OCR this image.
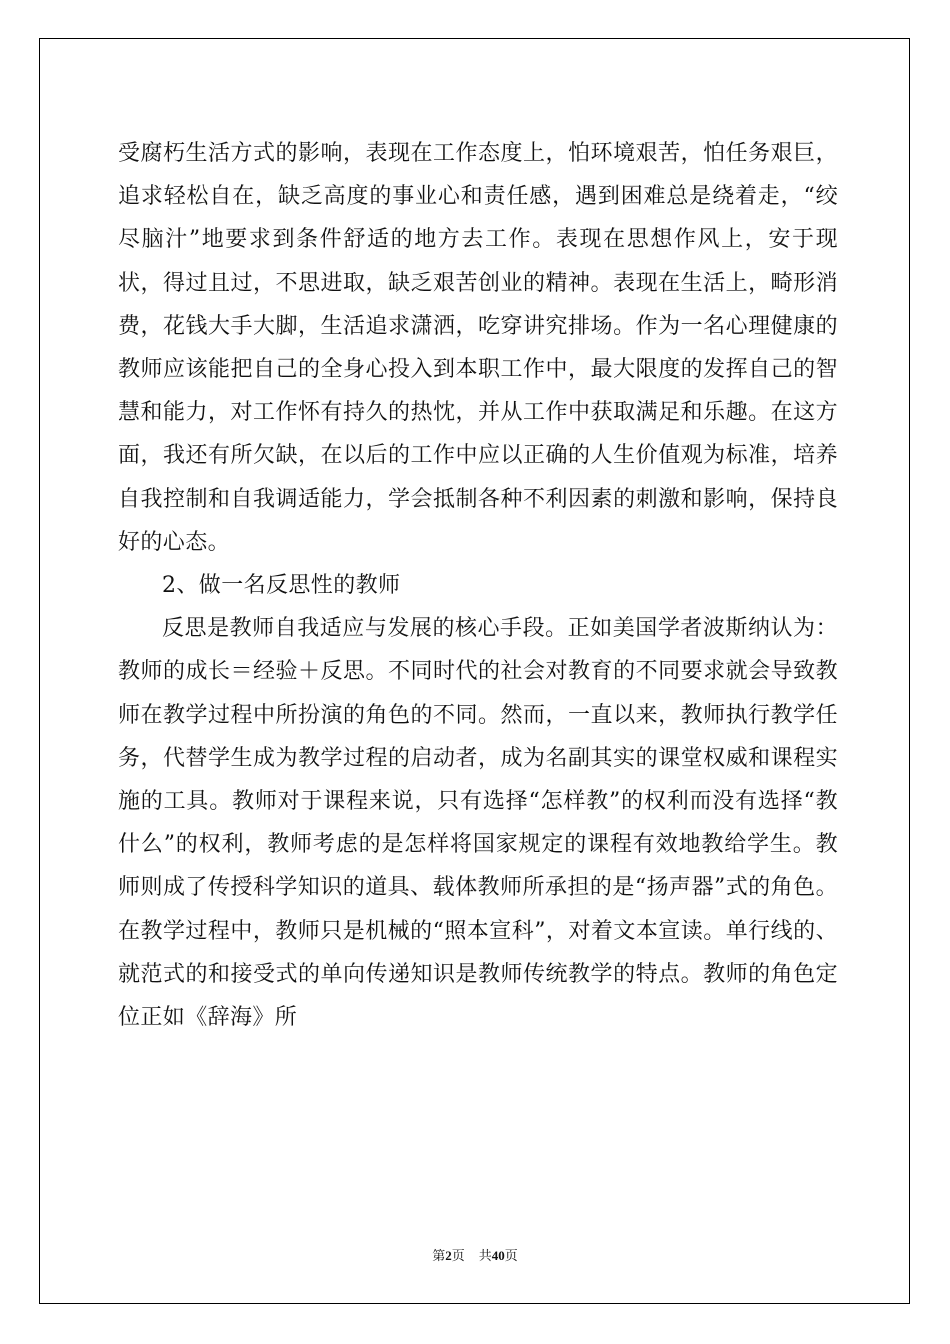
受腐朽生活方式的影响，表现在工作态度上，怕环境艰苦，怕任务艰巨，追求轻松自在，缺乏高度的事业心和责任感，遇到困难总是绕着走，“绞尽脑汁”地要求到条件舒适的地方去工作。表现在思想作风上，安于现状，得过且过，不思进取，缺乏艰苦创业的精神。表现在生活上，畸形消费，花钱大手大脚，生活追求潇洒，吃穿讲究排场。作为一名心理健康的教师应该能把自己的全身心投入到本职工作中，最大限度的发挥自己的智慧和能力，对工作怀有持久的热忱，并从工作中获取满足和乐趣。在这方面，我还有所欠缺，在以后的工作中应以正确的人生价值观为标准，培养自我控制和自我调适能力，学会抵制各种不利因素的刺激和影响，保持良好的心态。

2、做一名反思性的教师

反思是教师自我适应与发展的核心手段。正如美国学者波斯纳认为：教师的成长＝经验＋反思。不同时代的社会对教育的不同要求就会导致教师在教学过程中所扮演的角色的不同。然而，一直以来，教师执行教学任务，代替学生成为教学过程的启动者，成为名副其实的课堂权威和课程实施的工具。教师对于课程来说，只有选择“怎样教”的权利而没有选择“教什么”的权利，教师考虑的是怎样将国家规定的课程有效地教给学生。教师则成了传授科学知识的道具、载体教师所承担的是“扬声器”式的角色。在教学过程中，教师只是机械的“照本宣科”，对着文本宣读。单行线的、就范式的和接受式的单向传递知识是教师传统教学的特点。教师的角色定位正如《辞海》所

第2页 共40页
